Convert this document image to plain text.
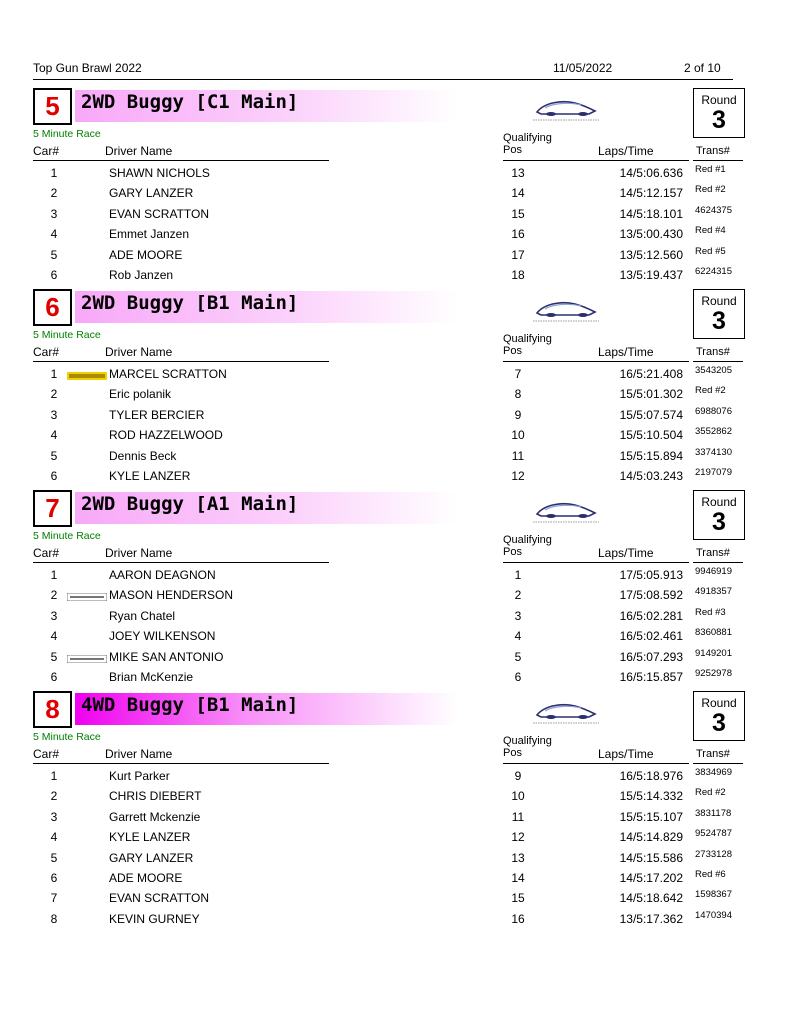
Top Gun Brawl 2022	11/05/2022	2 of 10
5	2WD Buggy [C1 Main]	Round
3
5 Minute Race	Qualifying
Pos
Car#	Driver Name	Laps/Time	Trans#
1	SHAWN NICHOLS	13	14/5:06.636 Red #1
2	GARY LANZER	14	14/5:12.157 Red #2
3	EVAN SCRATTON	15	14/5:18.101 4624375
4	Emmet Janzen	16	13/5:00.430 Red #4
5	ADE MOORE	17	13/5:12.560 Red #5
6	Rob Janzen	18	13/5:19.437 6224315
6	2WD Buggy [B1 Main]	Round
3
5 Minute Race	Qualifying
Pos
Car#	Driver Name	Laps/Time	Trans#
1	MARCEL SCRATTON	7	16/5:21.408 3543205
2	Eric polanik	8	15/5:01.302 Red #2
3	TYLER BERCIER	9	15/5:07.574 6988076
4	ROD HAZZELWOOD	10	15/5:10.504 3552862
5	Dennis Beck	11	15/5:15.894 3374130
6	KYLE LANZER	12	14/5:03.243 2197079
7	2WD Buggy [A1 Main]	Round
3
5 Minute Race	Qualifying
Pos
Car#	Driver Name	Laps/Time	Trans#
1	AARON DEAGNON	1	17/5:05.913 9946919
2	MASON HENDERSON	2	17/5:08.592 4918357
3	Ryan Chatel	3	16/5:02.281 Red #3
4	JOEY WILKENSON	4	16/5:02.461 8360881
5	MIKE SAN ANTONIO	5	16/5:07.293 9149201
6	Brian McKenzie	6	16/5:15.857 9252978
8	4WD Buggy [B1 Main]	Round
3
5 Minute Race	Qualifying
Pos
Car#	Driver Name	Laps/Time	Trans#
1	Kurt Parker	9	16/5:18.976 3834969
2	CHRIS DIEBERT	10	15/5:14.332 Red #2
3	Garrett Mckenzie	11	15/5:15.107 3831178
4	KYLE LANZER	12	14/5:14.829 9524787
5	GARY LANZER	13	14/5:15.586 2733128
6	ADE MOORE	14	14/5:17.202 Red #6
7	EVAN SCRATTON	15	14/5:18.642 1598367
8	KEVIN GURNEY	16	13/5:17.362 1470394
